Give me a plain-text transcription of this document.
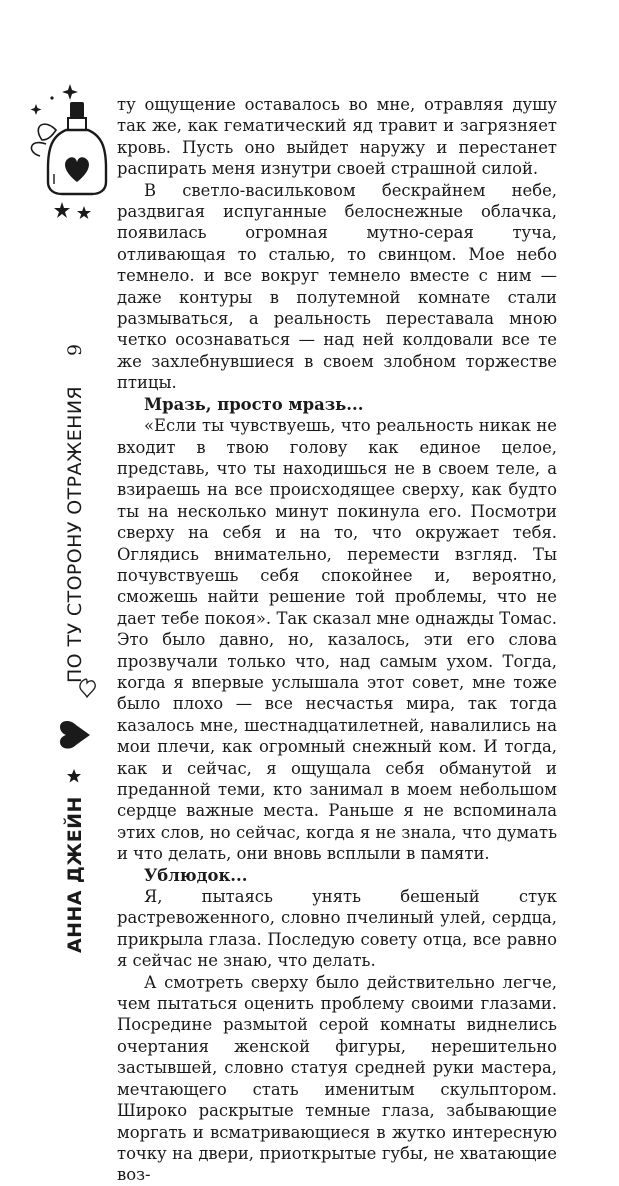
9
ПО ТУ СТОРОНУ ОТРАЖЕНИЯ
АННА ДЖЕЙН

ту ощущение оставалось во мне, отравляя душу так же, как гематический яд травит и загрязняет кровь. Пусть оно выйдет наружу и перестанет распирать меня изнутри своей страшной силой.

В светло-васильковом бескрайнем небе, раздвигая испуганные белоснежные облачка, появилась огромная мутно-серая туча, отливающая то сталью, то свинцом. Мое небо темнело. и все вокруг темнело вместе с ним — даже контуры в полутемной комнате стали размываться, а реальность переставала мною четко осознаваться — над ней колдовали все те же захлебнувшиеся в своем злобном торжестве птицы.

Мразь, просто мразь...

«Если ты чувствуешь, что реальность никак не входит в твою голову как единое целое, представь, что ты находишься не в своем теле, а взираешь на все происходящее сверху, как будто ты на несколько минут покинула его. Посмотри сверху на себя и на то, что окружает тебя. Оглядись внимательно, перемести взгляд. Ты почувствуешь себя спокойнее и, вероятно, сможешь найти решение той проблемы, что не дает тебе покоя». Так сказал мне однажды Томас. Это было давно, но, казалось, эти его слова прозвучали только что, над самым ухом. Тогда, когда я впервые услышала этот совет, мне тоже было плохо — все несчастья мира, так тогда казалось мне, шестнадцатилетней, навалились на мои плечи, как огромный снежный ком. И тогда, как и сейчас, я ощущала себя обманутой и преданной теми, кто занимал в моем небольшом сердце важные места. Раньше я не вспоминала этих слов, но сейчас, когда я не знала, что думать и что делать, они вновь всплыли в памяти.

Ублюдок...

Я, пытаясь унять бешеный стук растревоженного, словно пчелиный улей, сердца, прикрыла глаза. Последую совету отца, все равно я сейчас не знаю, что делать.

А смотреть сверху было действительно легче, чем пытаться оценить проблему своими глазами. Посредине размытой серой комнаты виднелись очертания женской фигуры, нерешительно застывшей, словно статуя средней руки мастера, мечтающего стать именитым скульптором. Широко раскрытые темные глаза, забывающие моргать и всматривающиеся в жутко интересную точку на двери, приоткрытые губы, не хватающие воз-
